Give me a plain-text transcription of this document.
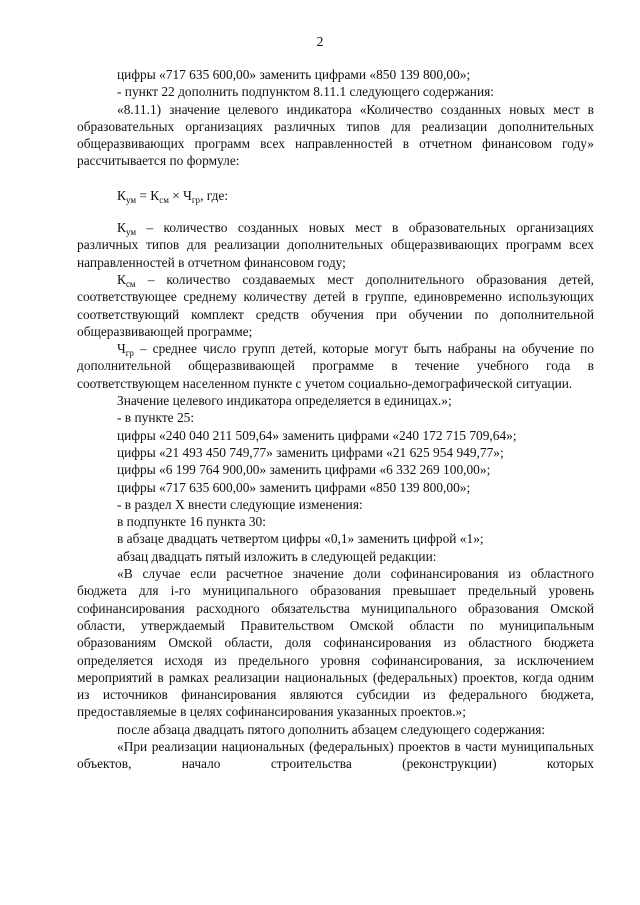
2

цифры «717 635 600,00» заменить цифрами «850 139 800,00»;

- пункт 22 дополнить подпунктом 8.11.1 следующего содержания:

«8.11.1) значение целевого индикатора «Количество созданных новых мест в образовательных организациях различных типов для реализации дополнительных общеразвивающих программ всех направленностей в отчетном финансовом году» рассчитывается по формуле:

$К_{ум} = К_{см} \times Ч_{гр}$, где:

$К_{ум}$ – количество созданных новых мест в образовательных организациях различных типов для реализации дополнительных общеразвивающих программ всех направленностей в отчетном финансовом году;

$К_{см}$ – количество создаваемых мест дополнительного образования детей, соответствующее среднему количеству детей в группе, единовременно использующих соответствующий комплект средств обучения при обучении по дополнительной общеразвивающей программе;

$Ч_{гр}$ – среднее число групп детей, которые могут быть набраны на обучение по дополнительной общеразвивающей программе в течение учебного года в соответствующем населенном пункте с учетом социально-демографической ситуации.

Значение целевого индикатора определяется в единицах.»;

- в пункте 25:

цифры «240 040 211 509,64» заменить цифрами «240 172 715 709,64»;

цифры «21 493 450 749,77» заменить цифрами «21 625 954 949,77»;

цифры «6 199 764 900,00» заменить цифрами «6 332 269 100,00»;

цифры «717 635 600,00» заменить цифрами «850 139 800,00»;

- в раздел X внести следующие изменения:

в подпункте 16 пункта 30:

в абзаце двадцать четвертом цифры «0,1» заменить цифрой «1»;

абзац двадцать пятый изложить в следующей редакции:

«В случае если расчетное значение доли софинансирования из областного бюджета для i-го муниципального образования превышает предельный уровень софинансирования расходного обязательства муниципального образования Омской области, утверждаемый Правительством Омской области по муниципальным образованиям Омской области, доля софинансирования из областного бюджета определяется исходя из предельного уровня софинансирования, за исключением мероприятий в рамках реализации национальных (федеральных) проектов, когда одним из источников финансирования являются субсидии из федерального бюджета, предоставляемые в целях софинансирования указанных проектов.»;

после абзаца двадцать пятого дополнить абзацем следующего содержания:

«При реализации национальных (федеральных) проектов в части муниципальных объектов, начало строительства (реконструкции) которых
